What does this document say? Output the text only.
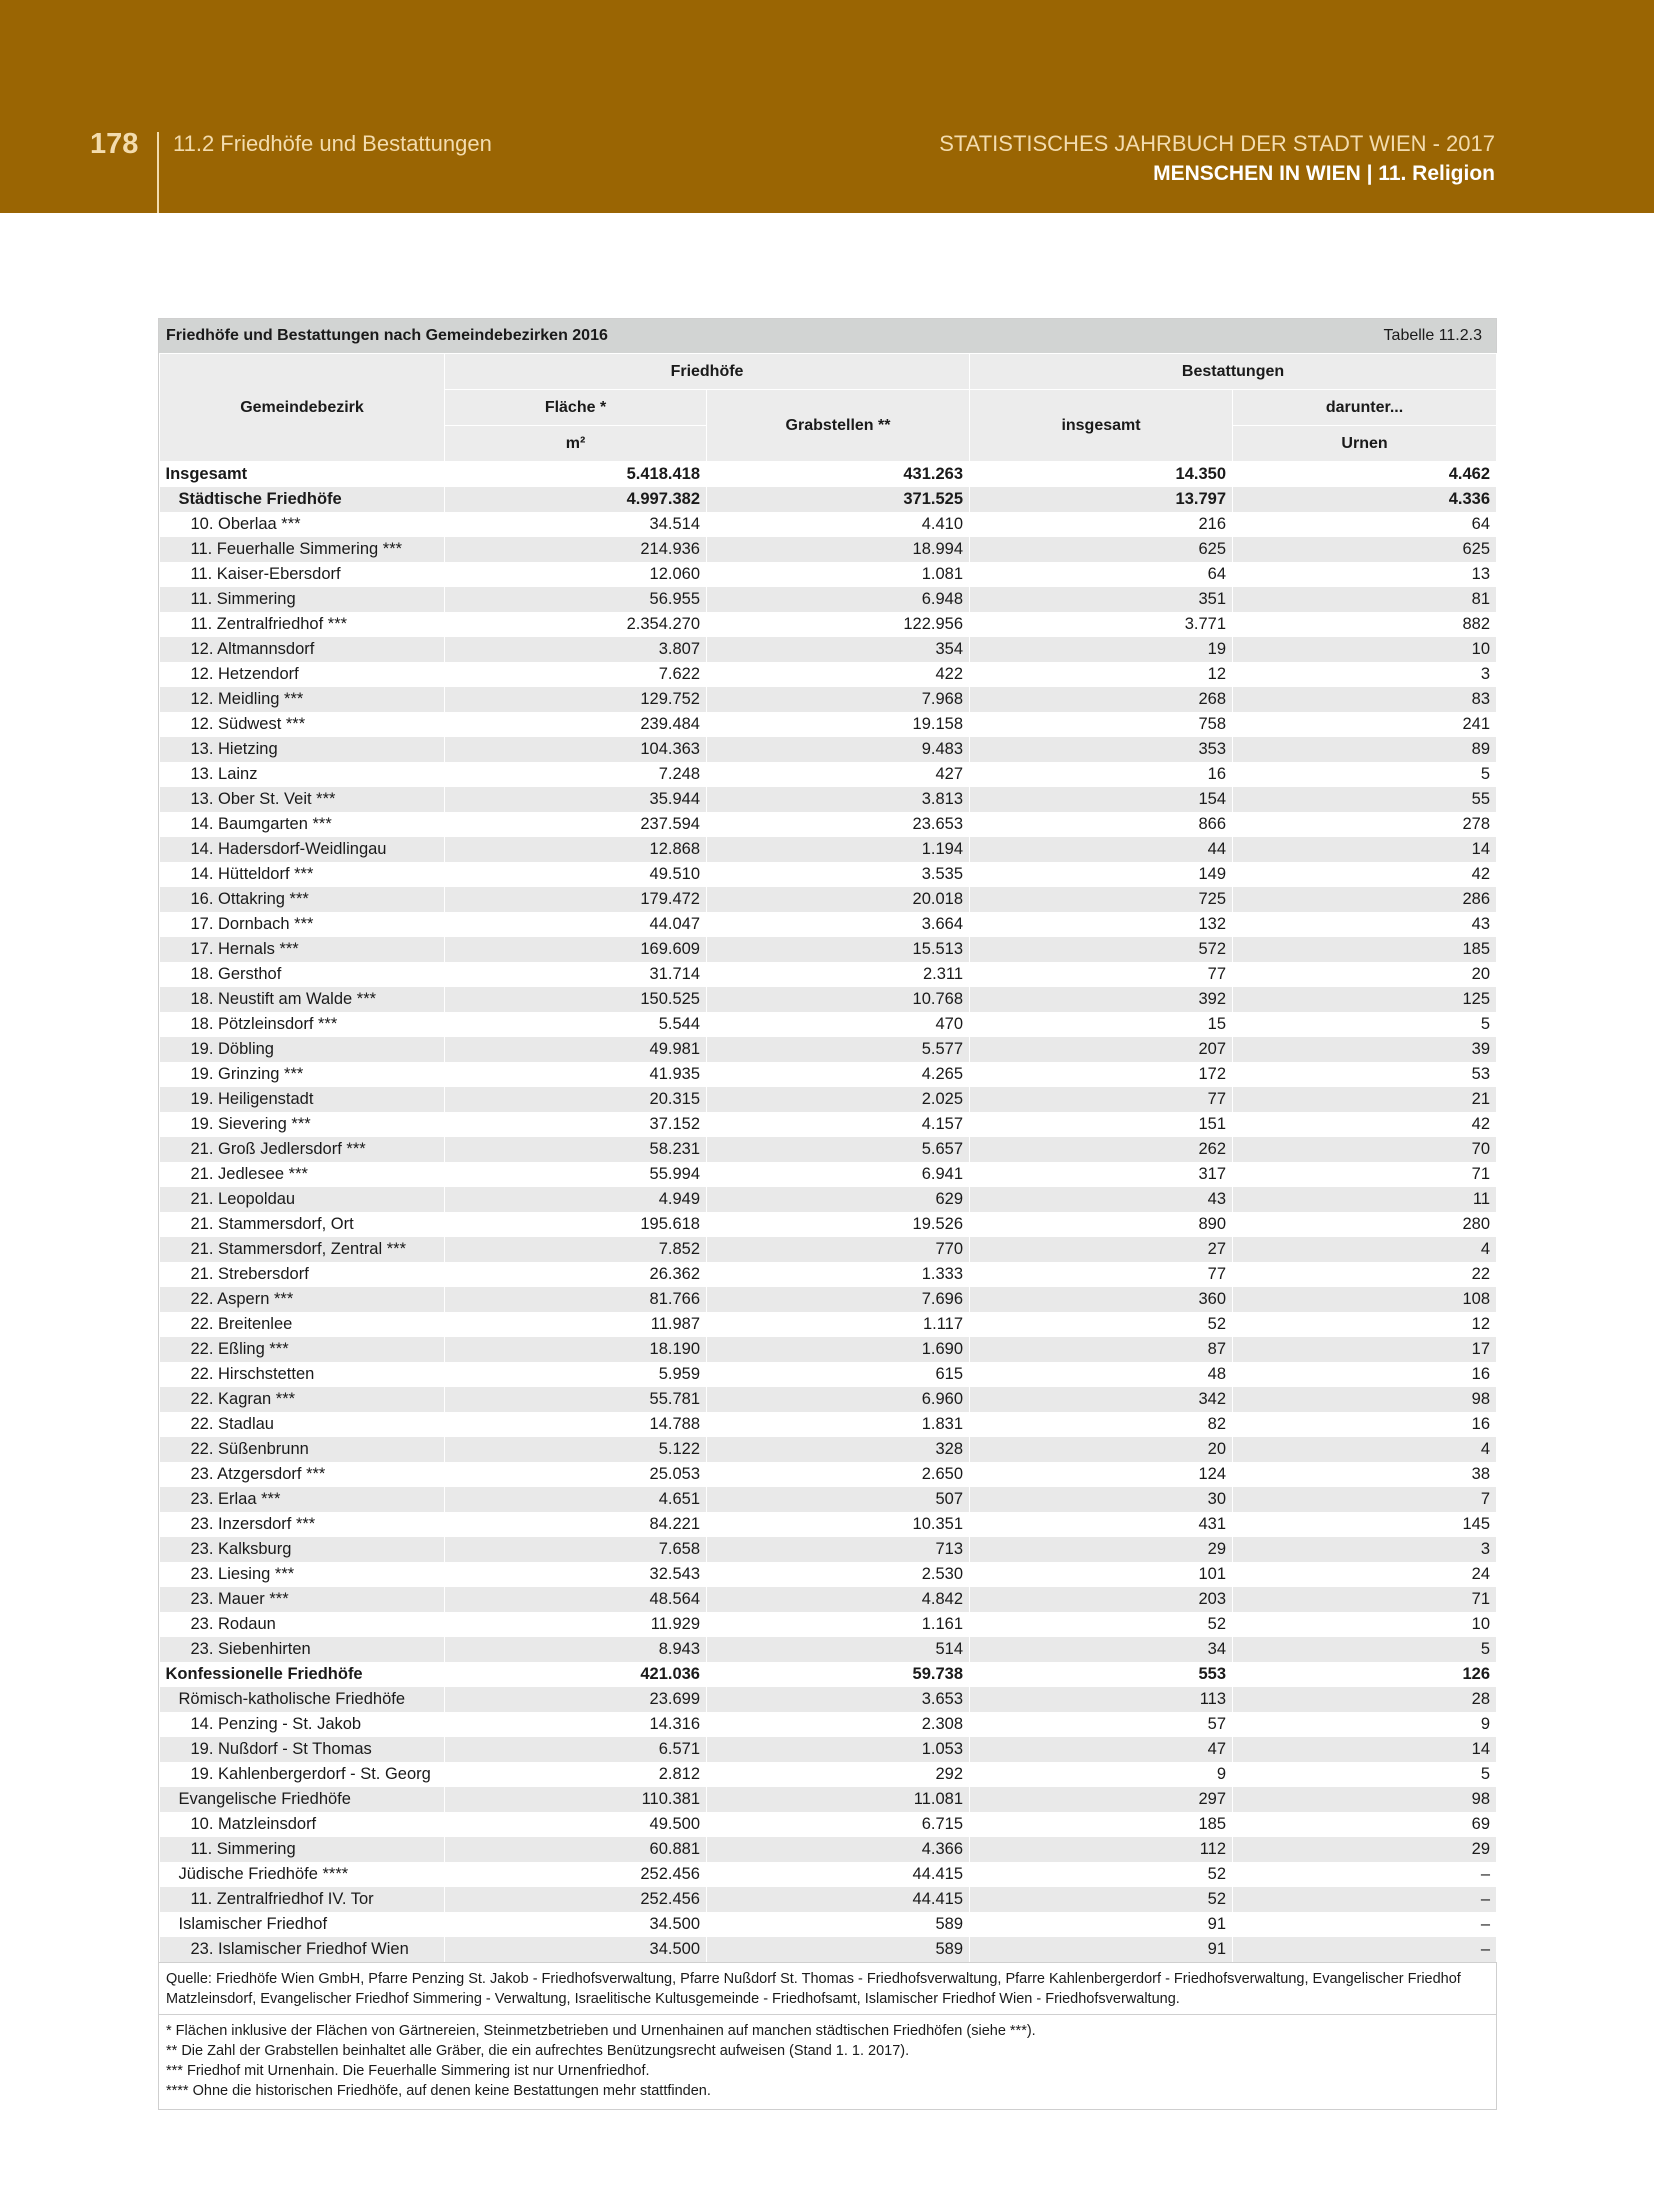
178 11.2 Friedhöfe und Bestattungen	STATISTISCHES JAHRBUCH DER STADT WIEN - 2017
MENSCHEN IN WIEN | 11. Religion
Friedhöfe und Bestattungen nach Gemeindebezirken 2016	Tabelle 11.2.3
Gemeindebezirk	Friedhöfe		Bestattungen	
	Fläche *	Grabstellen **	insgesamt	darunter...
	m²			Urnen
Insgesamt	5.418.418	431.263	14.350	4.462
Städtische Friedhöfe	4.997.382	371.525	13.797	4.336
10. Oberlaa ***	34.514	4.410	216	64
11. Feuerhalle Simmering ***	214.936	18.994	625	625
11. Kaiser-Ebersdorf	12.060	1.081	64	13
11. Simmering	56.955	6.948	351	81
11. Zentralfriedhof ***	2.354.270	122.956	3.771	882
12. Altmannsdorf	3.807	354	19	10
12. Hetzendorf	7.622	422	12	3
12. Meidling ***	129.752	7.968	268	83
12. Südwest ***	239.484	19.158	758	241
13. Hietzing	104.363	9.483	353	89
13. Lainz	7.248	427	16	5
13. Ober St. Veit ***	35.944	3.813	154	55
14. Baumgarten ***	237.594	23.653	866	278
14. Hadersdorf-Weidlingau	12.868	1.194	44	14
14. Hütteldorf ***	49.510	3.535	149	42
16. Ottakring ***	179.472	20.018	725	286
17. Dornbach ***	44.047	3.664	132	43
17. Hernals ***	169.609	15.513	572	185
18. Gersthof	31.714	2.311	77	20
18. Neustift am Walde ***	150.525	10.768	392	125
18. Pötzleinsdorf ***	5.544	470	15	5
19. Döbling	49.981	5.577	207	39
19. Grinzing ***	41.935	4.265	172	53
19. Heiligenstadt	20.315	2.025	77	21
19. Sievering ***	37.152	4.157	151	42
21. Groß Jedlersdorf ***	58.231	5.657	262	70
21. Jedlesee ***	55.994	6.941	317	71
21. Leopoldau	4.949	629	43	11
21. Stammersdorf, Ort	195.618	19.526	890	280
21. Stammersdorf, Zentral ***	7.852	770	27	4
21. Strebersdorf	26.362	1.333	77	22
22. Aspern ***	81.766	7.696	360	108
22. Breitenlee	11.987	1.117	52	12
22. Eßling ***	18.190	1.690	87	17
22. Hirschstetten	5.959	615	48	16
22. Kagran ***	55.781	6.960	342	98
22. Stadlau	14.788	1.831	82	16
22. Süßenbrunn	5.122	328	20	4
23. Atzgersdorf ***	25.053	2.650	124	38
23. Erlaa ***	4.651	507	30	7
23. Inzersdorf ***	84.221	10.351	431	145
23. Kalksburg	7.658	713	29	3
23. Liesing ***	32.543	2.530	101	24
23. Mauer ***	48.564	4.842	203	71
23. Rodaun	11.929	1.161	52	10
23. Siebenhirten	8.943	514	34	5
Konfessionelle Friedhöfe	421.036	59.738	553	126
Römisch-katholische Friedhöfe	23.699	3.653	113	28
14. Penzing - St. Jakob	14.316	2.308	57	9
19. Nußdorf - St Thomas	6.571	1.053	47	14
19. Kahlenbergerdorf - St. Georg	2.812	292	9	5
Evangelische Friedhöfe	110.381	11.081	297	98
10. Matzleinsdorf	49.500	6.715	185	69
11. Simmering	60.881	4.366	112	29
Jüdische Friedhöfe ****	252.456	44.415	52	–
11. Zentralfriedhof IV. Tor	252.456	44.415	52	–
Islamischer Friedhof	34.500	589	91	–
23. Islamischer Friedhof Wien	34.500	589	91	–
Quelle: Friedhöfe Wien GmbH, Pfarre Penzing St. Jakob - Friedhofsverwaltung, Pfarre Nußdorf St. Thomas - Friedhofsverwaltung, Pfarre Kahlenbergerdorf - Friedhofsverwaltung, Evangelischer Friedhof Matzleinsdorf, Evangelischer Friedhof Simmering - Verwaltung, Israelitische Kultusgemeinde - Friedhofsamt, Islamischer Friedhof Wien - Friedhofsverwaltung.
* Flächen inklusive der Flächen von Gärtnereien, Steinmetzbetrieben und Urnenhainen auf manchen städtischen Friedhöfen (siehe ***).
** Die Zahl der Grabstellen beinhaltet alle Gräber, die ein aufrechtes Benützungsrecht aufweisen (Stand 1. 1. 2017).
*** Friedhof mit Urnenhain. Die Feuerhalle Simmering ist nur Urnenfriedhof.
**** Ohne die historischen Friedhöfe, auf denen keine Bestattungen mehr stattfinden.
